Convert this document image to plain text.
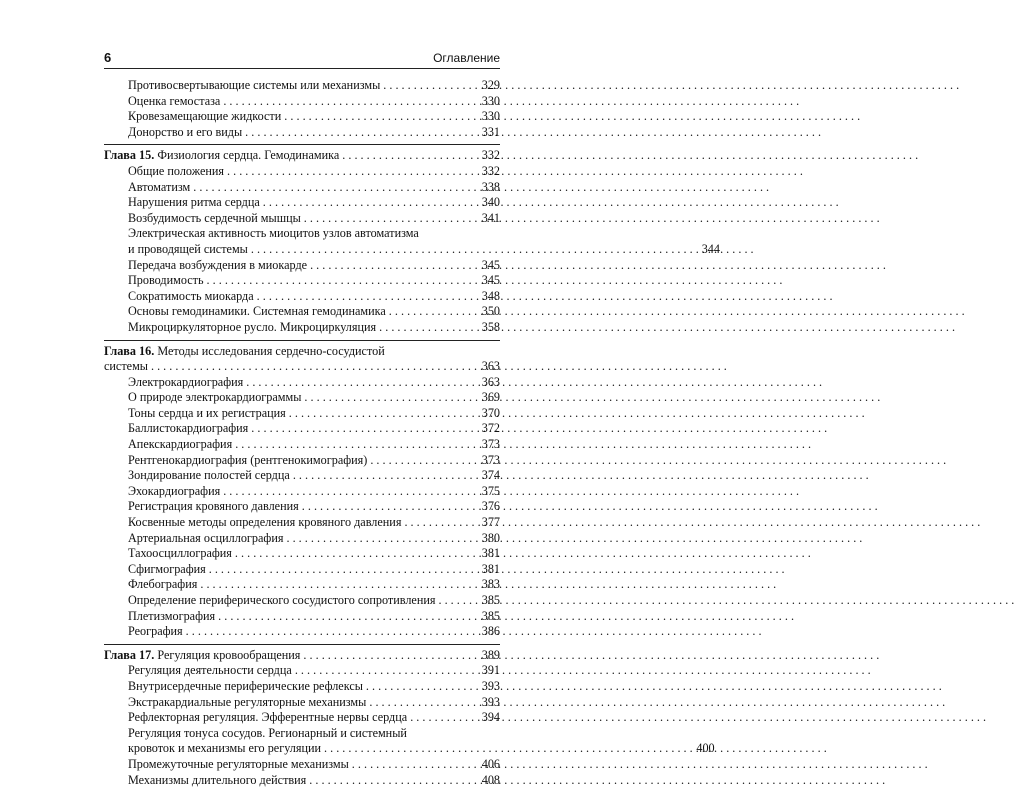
6	Оглавление
Противосвертывающие системы или механизмы . . .	329
Оценка гемостаза . . .	330
Кровезамещающие жидкости . . .	330
Донорство и его виды . . .	331
Глава 15. Физиология сердца. Гемодинамика . . .	332
Общие положения . . .	332
Автоматизм . . .	338
Нарушения ритма сердца . . .	340
Возбудимость сердечной мышцы . . .	341
Электрическая активность миоцитов узлов автоматизма
и проводящей системы . . .	344
Передача возбуждения в миокарде . . .	345
Проводимость . . .	345
Сократимость миокарда . . .	348
Основы гемодинамики. Системная гемодинамика . . .	350
Микроциркуляторное русло. Микроциркуляция . . .	358
Глава 16. Методы исследования сердечно-сосудистой
системы . . .	363
Электрокардиография . . .	363
О природе электрокардиограммы . . .	369
Тоны сердца и их регистрация . . .	370
Баллистокардиография . . .	372
Апекскардиография . . .	373
Рентгенокардиография (рентгенокимография) . . .	373
Зондирование полостей сердца . . .	374
Эхокардиография . . .	375
Регистрация кровяного давления . . .	376
Косвенные методы определения кровяного давления . . .	377
Артериальная осциллография . . .	380
Тахоосциллография . . .	381
Сфигмография . . .	381
Флебография . . .	383
Определение периферического сосудистого сопротивления . . .	385
Плетизмография . . .	385
Реография . . .	386
Глава 17. Регуляция кровообращения . . .	389
Регуляция деятельности сердца . . .	391
Внутрисердечные периферические рефлексы . . .	393
Экстракардиальные регуляторные механизмы . . .	393
Рефлекторная регуляция. Эфферентные нервы сердца . . .	394
Регуляция тонуса сосудов. Регионарный и системный
кровоток и механизмы его регуляции . . .	400
Промежуточные регуляторные механизмы . . .	406
Механизмы длительного действия . . .	408
